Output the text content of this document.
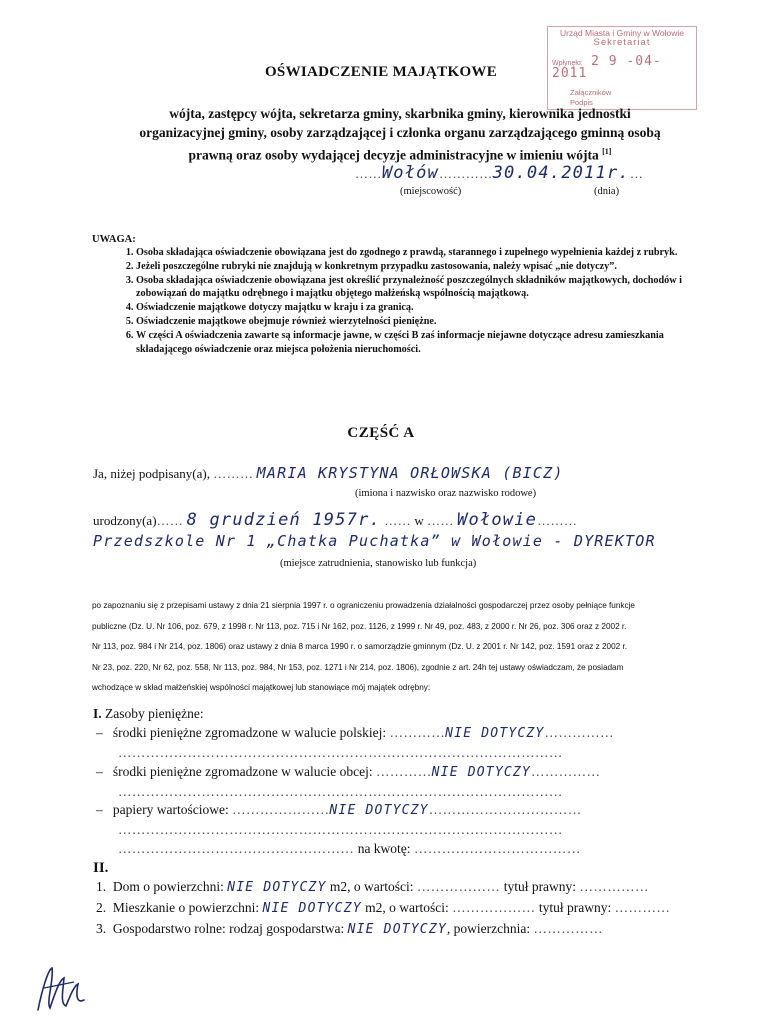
Urząd Miasta i Gminy w Wołowie
Sekretariat
Wpłynęło: 2 9 -04- 2011
Załączników
Podpis
OŚWIADCZENIE MAJĄTKOWE
wójta, zastępcy wójta, sekretarza gminy, skarbnika gminy, kierownika jednostki
organizacyjnej gminy, osoby zarządzającej i członka organu zarządzającego gminną osobą
prawną oraz osoby wydającej decyzje administracyjne w imieniu wójta [1]
……Wołów…………30.04.2011r.…
(miejscowość)	(dnia)
UWAGA:
1. Osoba składająca oświadczenie obowiązana jest do zgodnego z prawdą, starannego i zupełnego wypełnienia każdej z rubryk.
2. Jeżeli poszczególne rubryki nie znajdują w konkretnym przypadku zastosowania, należy wpisać „nie dotyczy”.
3. Osoba składająca oświadczenie obowiązana jest określić przynależność poszczególnych składników majątkowych, dochodów i zobowiązań do majątku odrębnego i majątku objętego małżeńską wspólnością majątkową.
4. Oświadczenie majątkowe dotyczy majątku w kraju i za granicą.
5. Oświadczenie majątkowe obejmuje również wierzytelności pieniężne.
6. W części A oświadczenia zawarte są informacje jawne, w części B zaś informacje niejawne dotyczące adresu zamieszkania składającego oświadczenie oraz miejsca położenia nieruchomości.
CZĘŚĆ A
Ja, niżej podpisany(a), ……… MARIA KRYSTYNA ORŁOWSKA (BICZ)
(imiona i nazwisko oraz nazwisko rodowe)
urodzony(a)…… 8 grudzień 1957r. …… w …… Wołowie………
Przedszkole Nr 1 „Chatka Puchatka” w Wołowie - DYREKTOR
(miejsce zatrudnienia, stanowisko lub funkcja)
po zapoznaniu się z przepisami ustawy z dnia 21 sierpnia 1997 r. o ograniczeniu prowadzenia działalności gospodarczej przez osoby pełniące funkcje
publiczne (Dz. U. Nr 106, poz. 679, z 1998 r. Nr 113, poz. 715 i Nr 162, poz. 1126, z 1999 r. Nr 49, poz. 483, z 2000 r. Nr 26, poz. 306 oraz z 2002 r.
Nr 113, poz. 984 i Nr 214, poz. 1806) oraz ustawy z dnia 8 marca 1990 r. o samorządzie gminnym (Dz. U. z 2001 r. Nr 142, poz. 1591 oraz z 2002 r.
Nr 23, poz. 220, Nr 62, poz. 558, Nr 113, poz. 984, Nr 153, poz. 1271 i Nr 214, poz. 1806), zgodnie z art. 24h tej ustawy oświadczam, że posiadam
wchodzące w skład małżeńskiej wspólności majątkowej lub stanowiące mój majątek odrębny:
I. Zasoby pieniężne:
–   środki pieniężne zgromadzone w walucie polskiej: …………NIE DOTYCZY……………
……………………………………………………………………………………
–   środki pieniężne zgromadzone w walucie obcej: …………NIE DOTYCZY……………
……………………………………………………………………………………
–   papiery wartościowe: …………………NIE DOTYCZY……………………………
……………………………………………………………………………………
…………………………………………… na kwotę: ………………………………
II.
1. Dom o powierzchni: NIE DOTYCZY m2, o wartości: ……………… tytuł prawny: ……………
2. Mieszkanie o powierzchni: NIE DOTYCZY m2, o wartości: ……………… tytuł prawny: …………
3. Gospodarstwo rolne: rodzaj gospodarstwa: NIE DOTYCZY, powierzchnia: ……………
